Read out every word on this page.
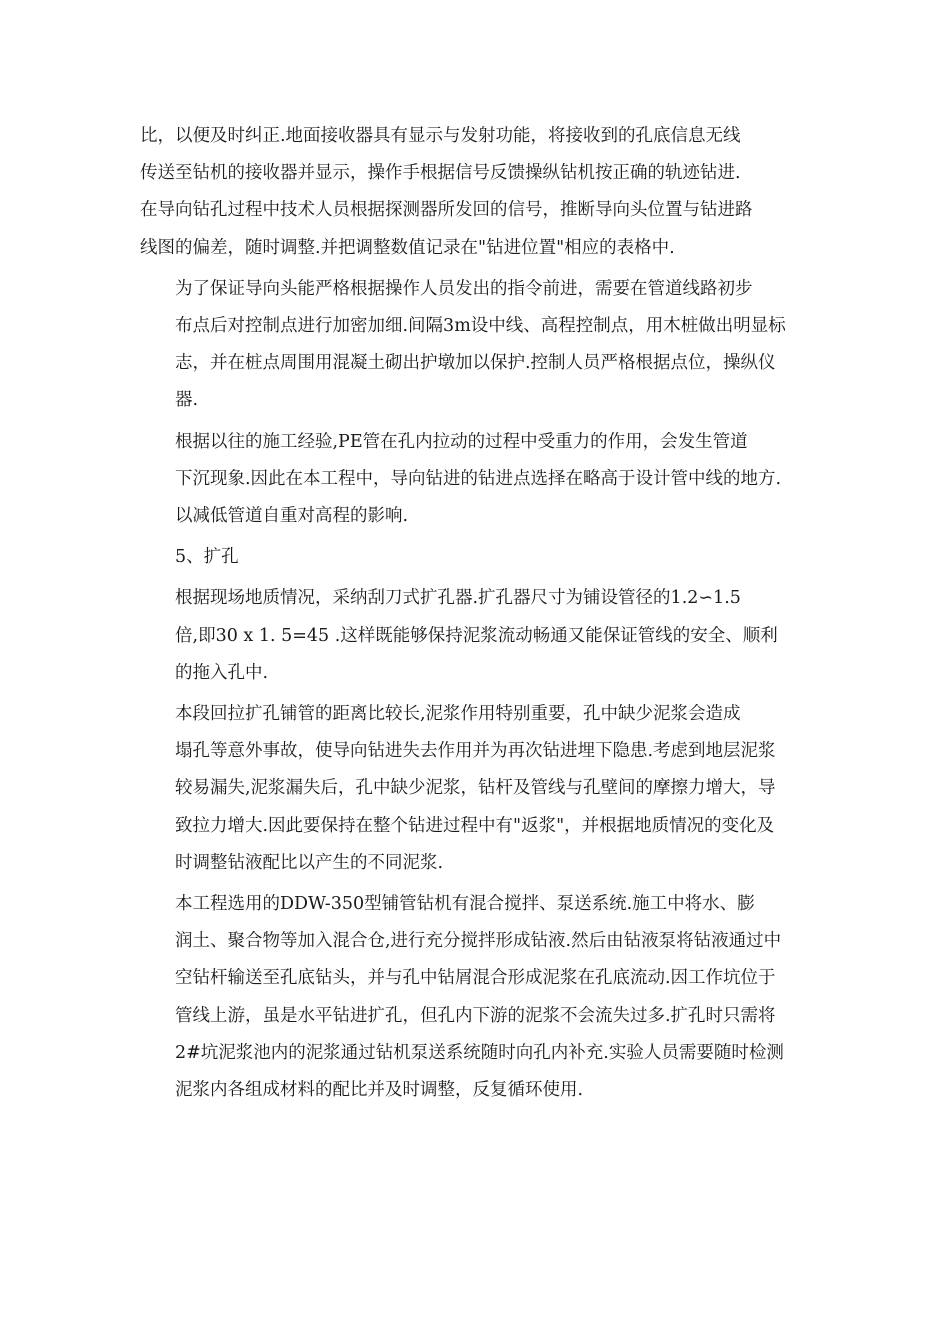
比，以便及时纠正.地面接收器具有显示与发射功能，将接收到的孔底信息无线
传送至钻机的接收器并显示，操作手根据信号反馈操纵钻机按正确的轨迹钻进.
在导向钻孔过程中技术人员根据探测器所发回的信号，推断导向头位置与钻进路
线图的偏差，随时调整.并把调整数值记录在"钻进位置"相应的表格中.

为了保证导向头能严格根据操作人员发出的指令前进，需要在管道线路初步
布点后对控制点进行加密加细.间隔3m设中线、高程控制点，用木桩做出明显标
志，并在桩点周围用混凝土砌出护墩加以保护.控制人员严格根据点位，操纵仪
器.

根据以往的施工经验,PE管在孔内拉动的过程中受重力的作用，会发生管道
下沉现象.因此在本工程中，导向钻进的钻进点选择在略高于设计管中线的地方.
以减低管道自重对高程的影响.

5、扩孔

根据现场地质情况，采纳刮刀式扩孔器.扩孔器尺寸为铺设管径的1.2∽1.5
倍,即30 x 1. 5=45 .这样既能够保持泥浆流动畅通又能保证管线的安全、顺利
的拖入孔中.

本段回拉扩孔铺管的距离比较长,泥浆作用特别重要，孔中缺少泥浆会造成
塌孔等意外事故，使导向钻进失去作用并为再次钻进埋下隐患.考虑到地层泥浆
较易漏失,泥浆漏失后，孔中缺少泥浆，钻杆及管线与孔壁间的摩擦力增大，导
致拉力增大.因此要保持在整个钻进过程中有"返浆"，并根据地质情况的变化及
时调整钻液配比以产生的不同泥浆.

本工程选用的DDW-350型铺管钻机有混合搅拌、泵送系统.施工中将水、膨
润土、聚合物等加入混合仓,进行充分搅拌形成钻液.然后由钻液泵将钻液通过中
空钻杆输送至孔底钻头，并与孔中钻屑混合形成泥浆在孔底流动.因工作坑位于
管线上游，虽是水平钻进扩孔，但孔内下游的泥浆不会流失过多.扩孔时只需将
2#坑泥浆池内的泥浆通过钻机泵送系统随时向孔内补充.实验人员需要随时检测
泥浆内各组成材料的配比并及时调整，反复循环使用.
